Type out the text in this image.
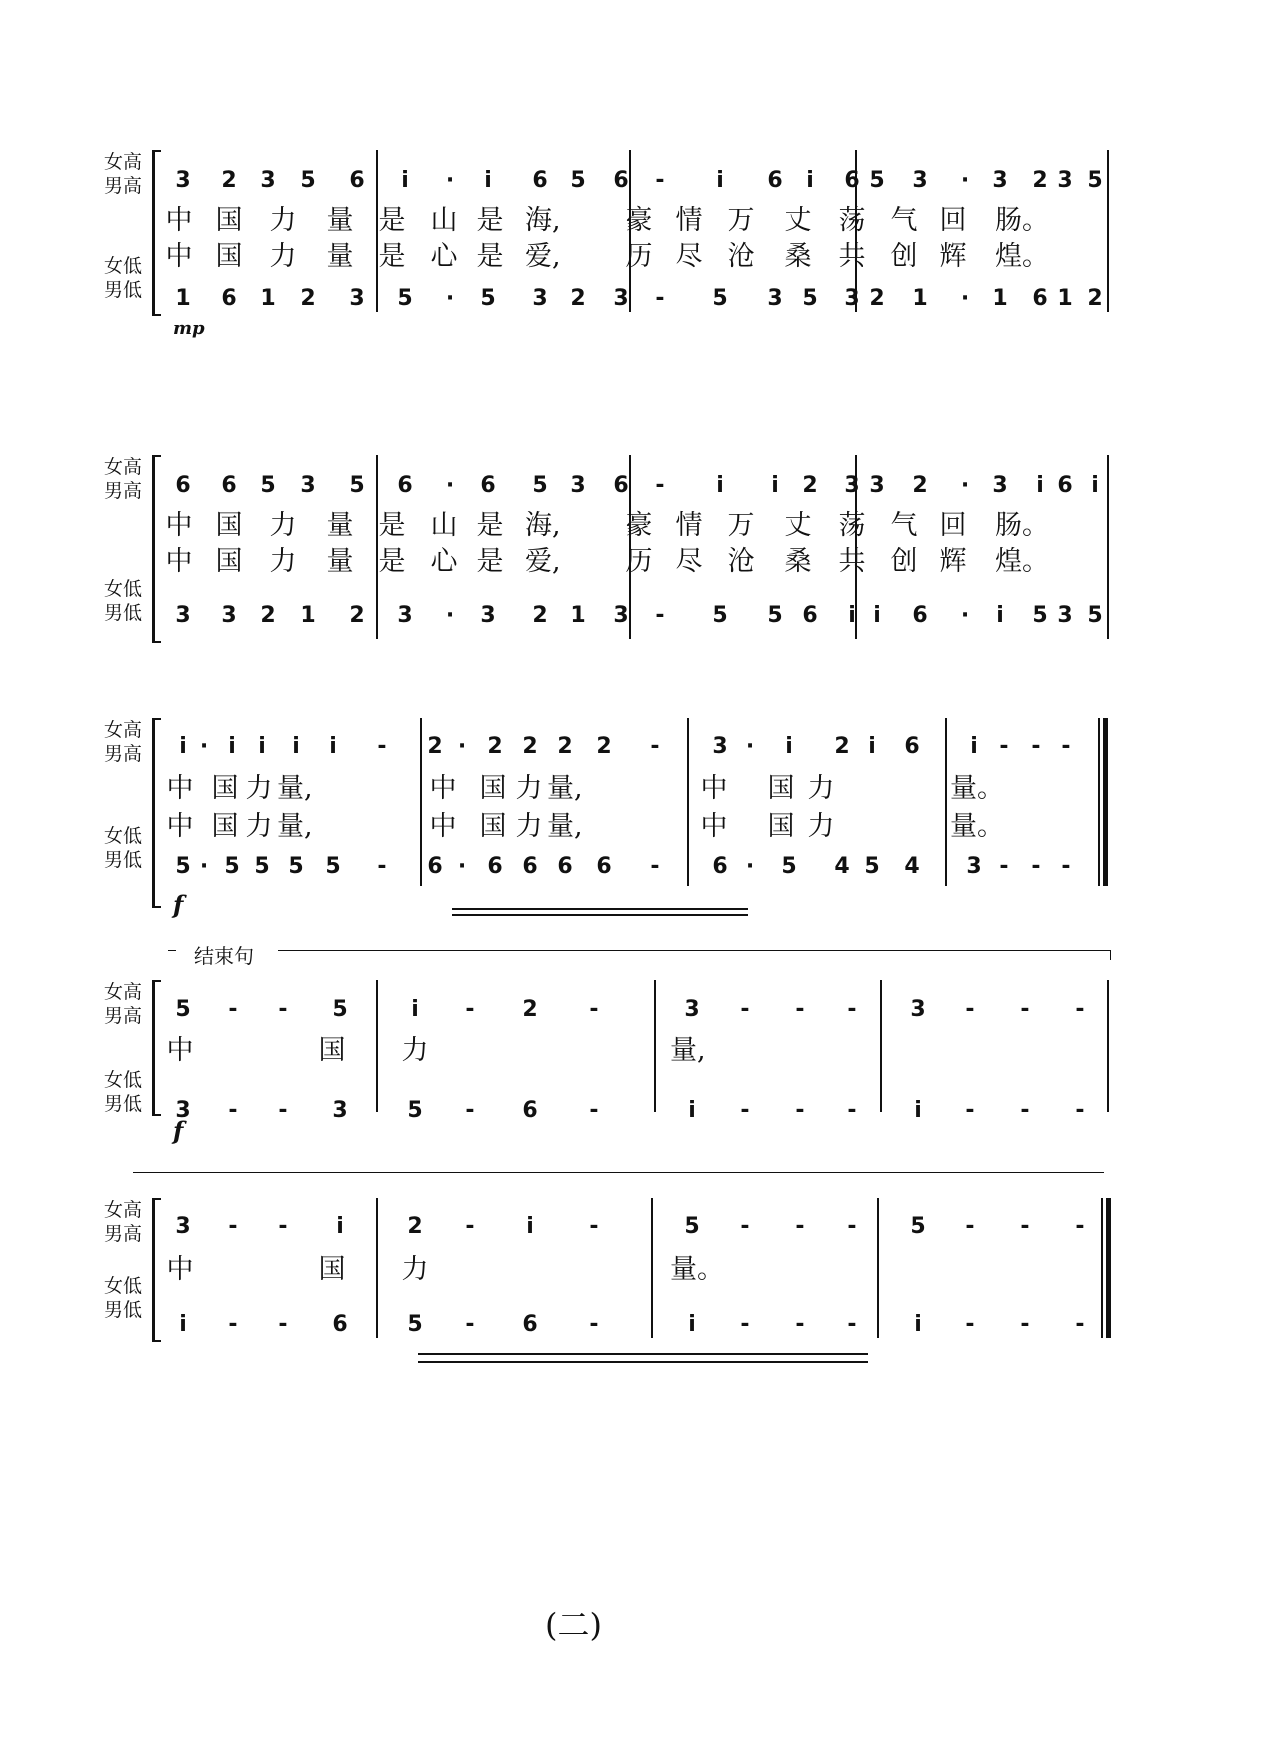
女高
男高
女低
男低
mp
3	2	3	5	6	i	·	i	6	5	6	-	i	6	i	6 5	3	·	3	2 3 5
1	6	1	2	3	5	·	5	3	2	3	-	5	3 5	3 2	1	·	1	6 1 2
中 国 力 量 是 山 是 海, 豪 情 万 丈 荡 气 回 肠。
中 国 力 量 是 心 是 爱, 历 尽 沧 桑 共 创 辉 煌。
女高
男高
女低
男低
6	6	5	3	5	6	·	6	5	3	6	-	i	i	2	3 3	2	·	3	i 6 i
3	3	2	1	2	3	·	3	2	1	3	-	5	5 6	i i	6	·	i	5 3 5
中 国 力 量 是 山 是 海, 豪 情 万 丈 荡 气 回 肠。
中 国 力 量 是 心 是 爱, 历 尽 沧 桑 共 创 辉 煌。
女高
男高
女低
男低
f
i · i	i	i	i	-	2 · 2 2 2	2	-	3 ·	i	2 i	6	i -	- -
5 · 5 5 5 5	-	6 · 6 6 6	6	-	6 ·	5	4 5	4	3 -	- -
中 国 力 量,	中 国 力 量,	中 国 力	量。
中 国 力 量,	中 国 力 量,	中 国 力	量。
结束句
女高
男高
女低
男低
f
5	-	-	5	i	-	2	-	3	-	-	-	3	-	-	-
3	-	-	3	5	-	6	-	i	-	-	-	i	-	-	-
中	国 力	量,
女高
男高
女低
男低
3	-	-	i	2	-	i	-	5	-	-	-	5	-	-	-
i	-	-	6	5	-	6	-	i	-	-	-	i	-	-	-
中	国 力	量。
(二)
